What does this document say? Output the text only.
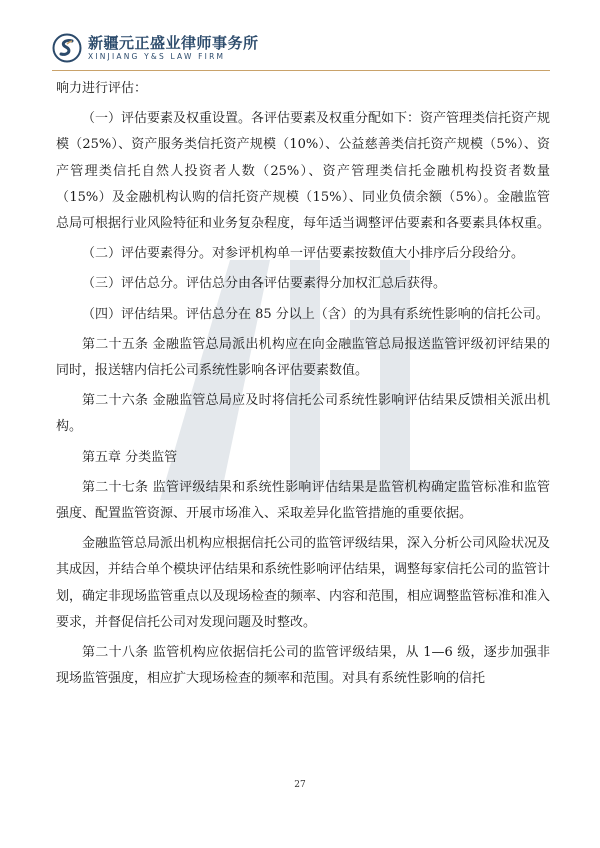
新疆元正盛业律师事务所
XINJIANG Y&S LAW FIRM

响力进行评估：

（一）评估要素及权重设置。各评估要素及权重分配如下：资产管理类信托资产规模（25%）、资产服务类信托资产规模（10%）、公益慈善类信托资产规模（5%）、资产管理类信托自然人投资者人数（25%）、资产管理类信托金融机构投资者数量（15%）及金融机构认购的信托资产规模（15%）、同业负债余额（5%）。金融监管总局可根据行业风险特征和业务复杂程度，每年适当调整评估要素和各要素具体权重。

（二）评估要素得分。对参评机构单一评估要素按数值大小排序后分段给分。

（三）评估总分。评估总分由各评估要素得分加权汇总后获得。

（四）评估结果。评估总分在 85 分以上（含）的为具有系统性影响的信托公司。

第二十五条 金融监管总局派出机构应在向金融监管总局报送监管评级初评结果的同时，报送辖内信托公司系统性影响各评估要素数值。

第二十六条 金融监管总局应及时将信托公司系统性影响评估结果反馈相关派出机构。

第五章 分类监管

第二十七条 监管评级结果和系统性影响评估结果是监管机构确定监管标准和监管强度、配置监管资源、开展市场准入、采取差异化监管措施的重要依据。

金融监管总局派出机构应根据信托公司的监管评级结果，深入分析公司风险状况及其成因，并结合单个模块评估结果和系统性影响评估结果，调整每家信托公司的监管计划，确定非现场监管重点以及现场检查的频率、内容和范围，相应调整监管标准和准入要求，并督促信托公司对发现问题及时整改。

第二十八条 监管机构应依据信托公司的监管评级结果，从 1—6 级，逐步加强非现场监管强度，相应扩大现场检查的频率和范围。对具有系统性影响的信托

27
